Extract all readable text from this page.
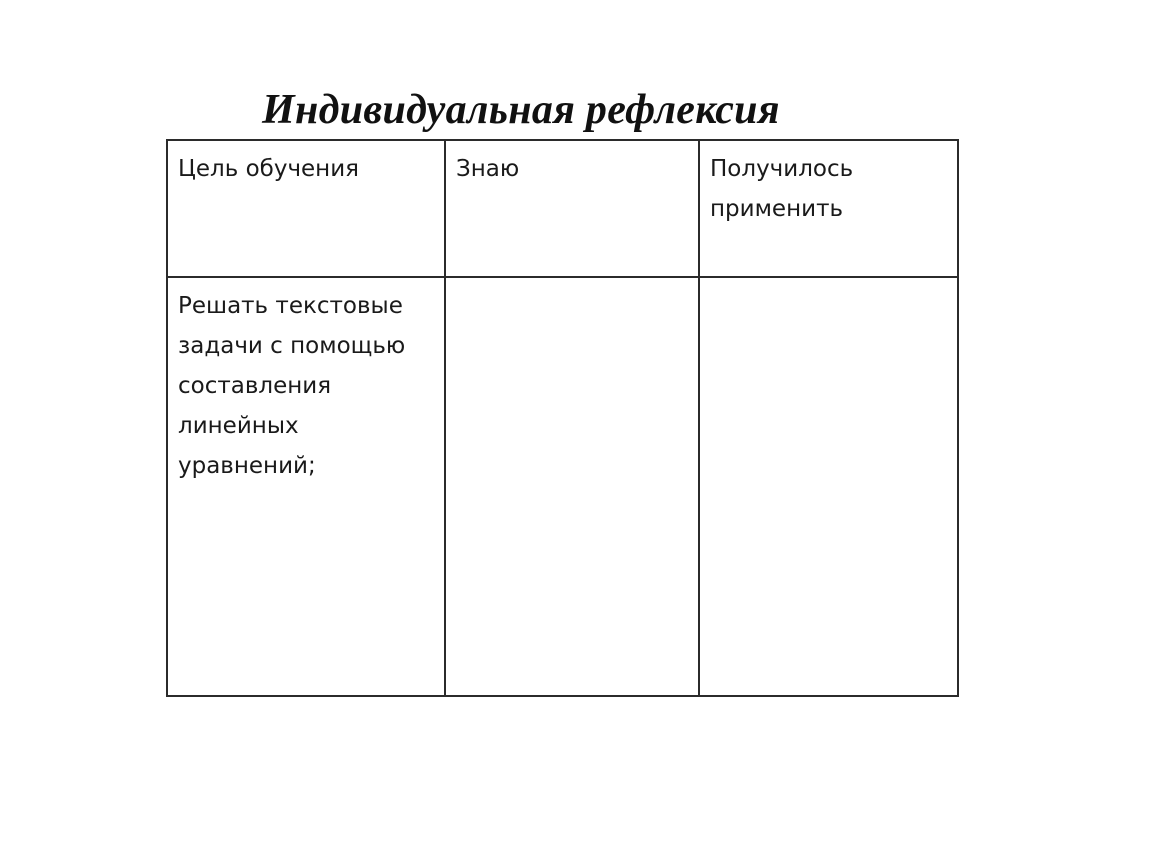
Индивидуальная рефлексия
Цель обучения	Знаю	Получилось применить
Решать текстовые задачи с помощью составления линейных уравнений;		
